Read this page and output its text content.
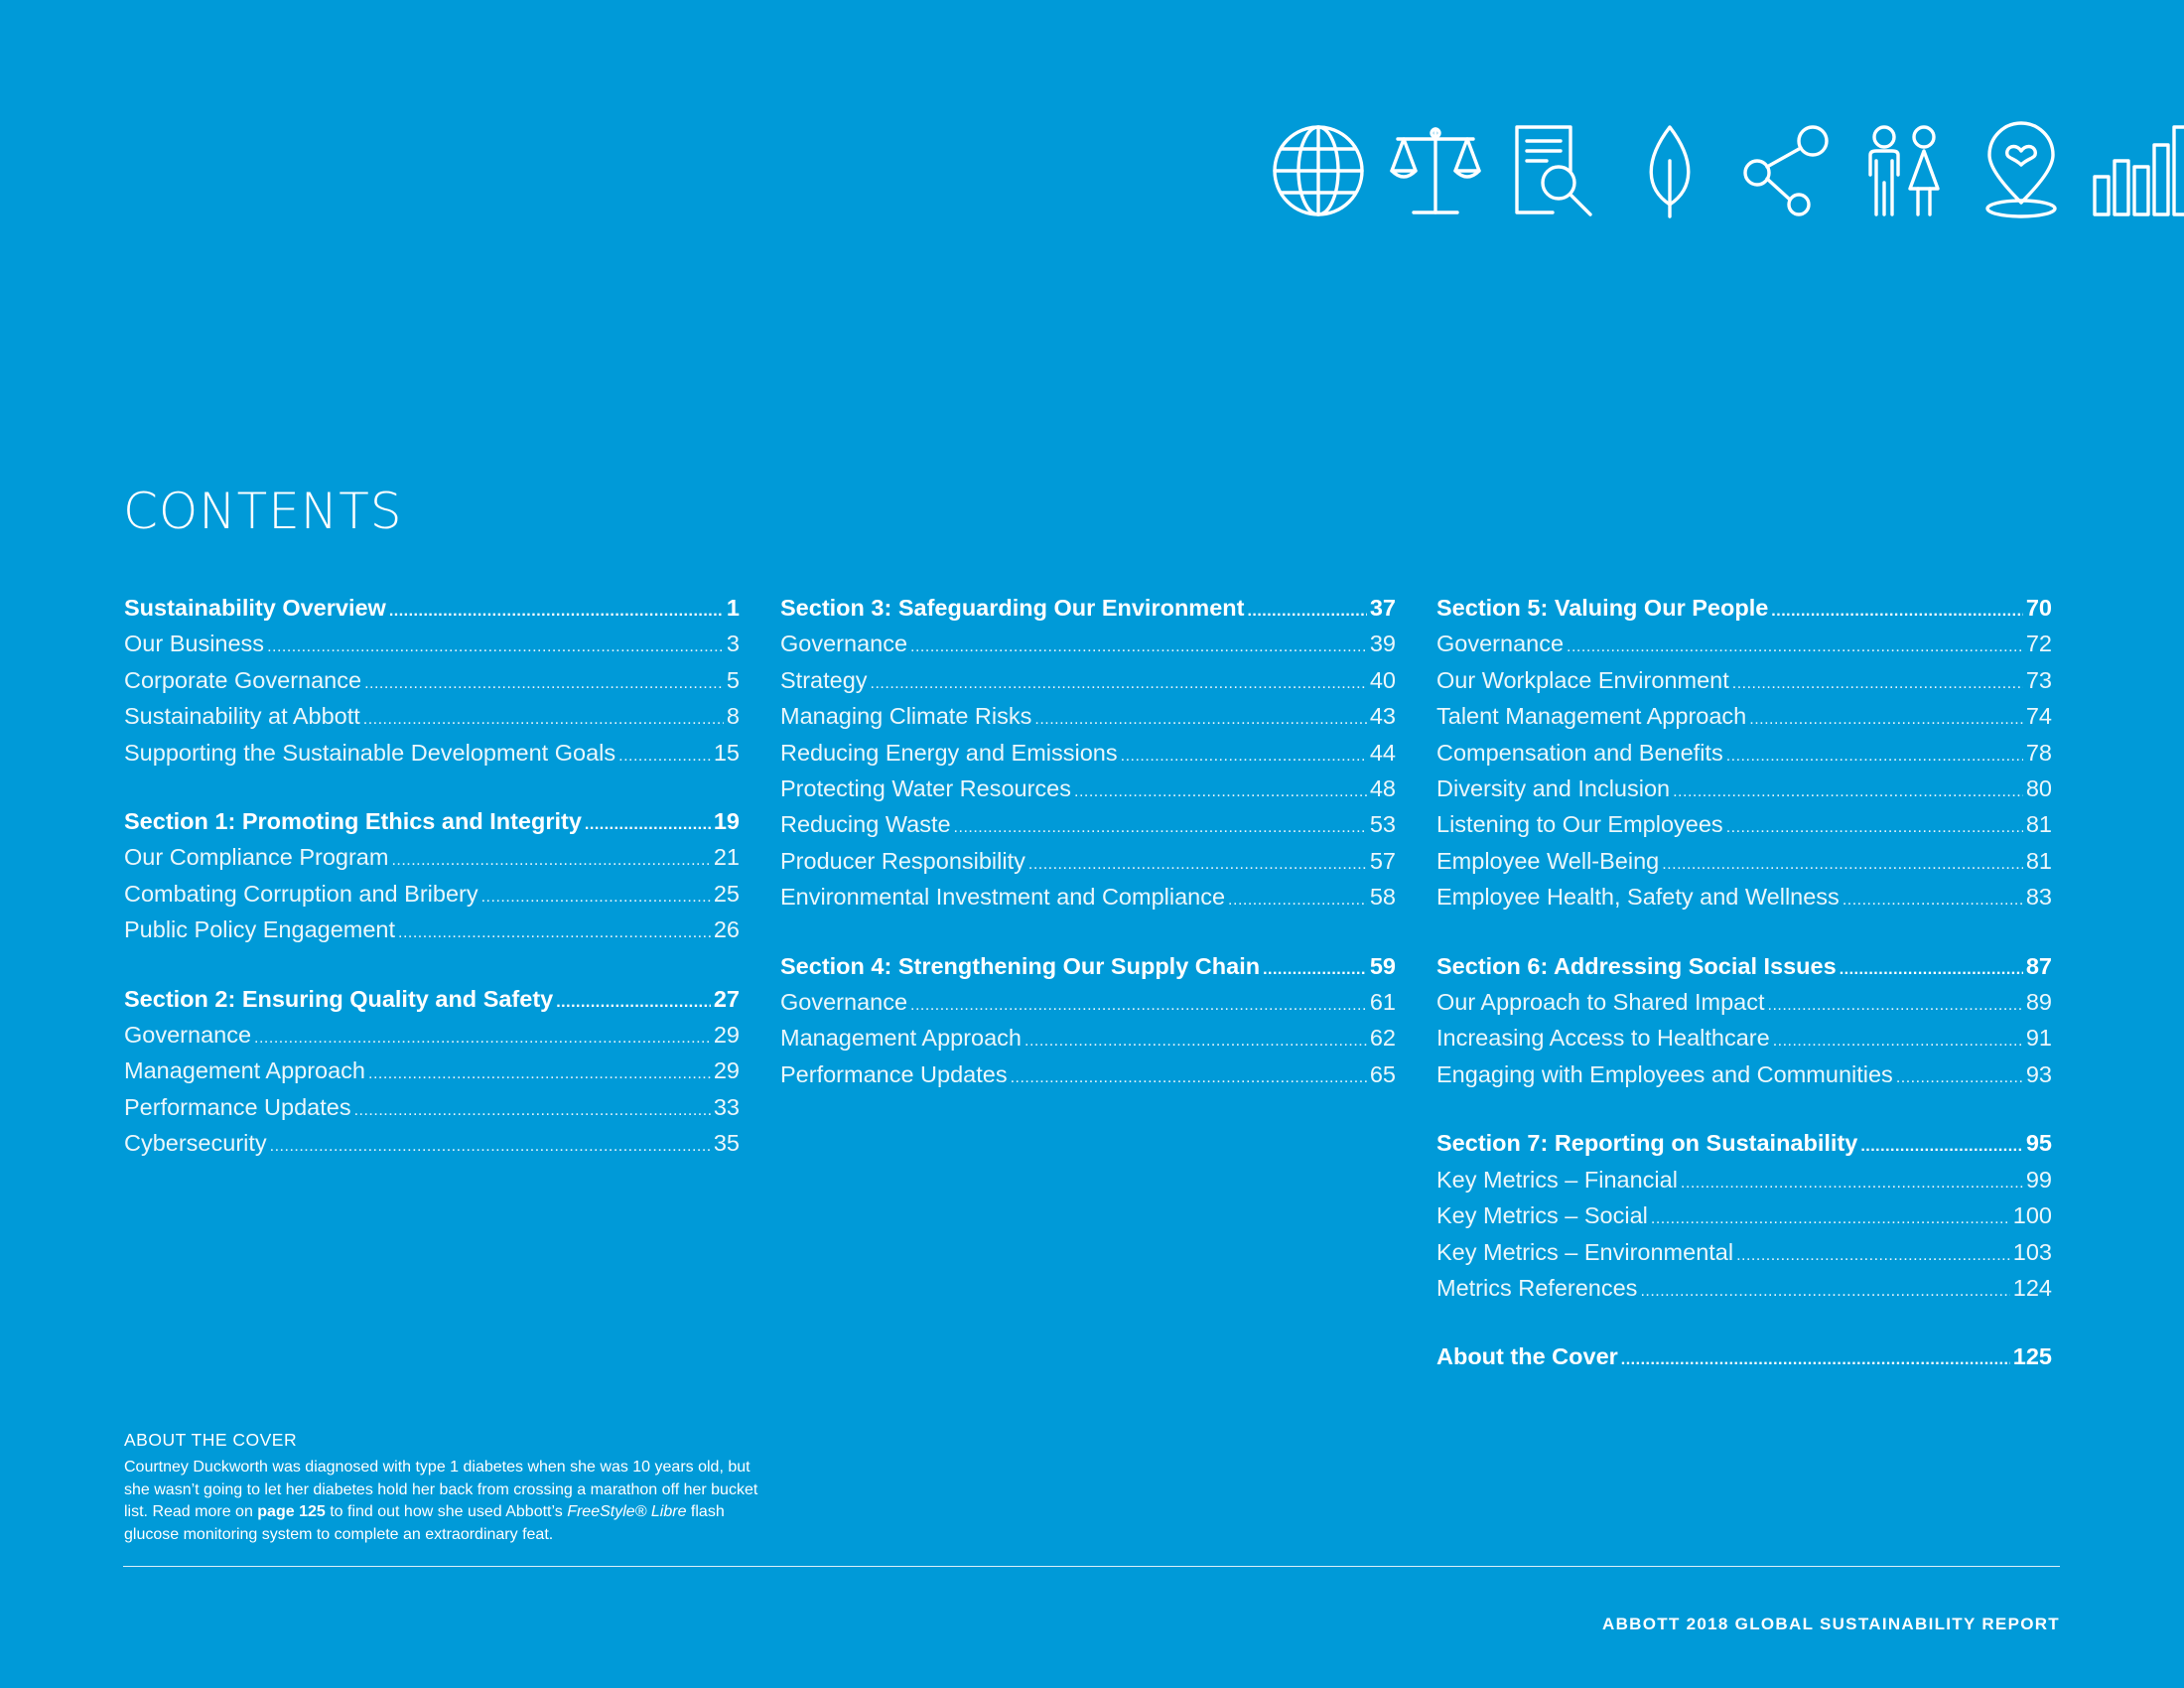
CONTENTS
Sustainability Overview .....	1
Our Business .....	3
Corporate Governance .....	5
Sustainability at Abbott .....	8
Supporting the Sustainable Development Goals .....	15
Section 1: Promoting Ethics and Integrity .....	19
Our Compliance Program .....	21
Combating Corruption and Bribery .....	25
Public Policy Engagement .....	26
Section 2: Ensuring Quality and Safety .....	27
Governance .....	29
Management Approach .....	29
Performance Updates .....	33
Cybersecurity .....	35
Section 3: Safeguarding Our Environment .....	37
Governance .....	39
Strategy .....	40
Managing Climate Risks .....	43
Reducing Energy and Emissions .....	44
Protecting Water Resources .....	48
Reducing Waste .....	53
Producer Responsibility .....	57
Environmental Investment and Compliance .....	58
Section 4: Strengthening Our Supply Chain .....	59
Governance .....	61
Management Approach .....	62
Performance Updates .....	65
Section 5: Valuing Our People .....	70
Governance .....	72
Our Workplace Environment .....	73
Talent Management Approach .....	74
Compensation and Benefits .....	78
Diversity and Inclusion .....	80
Listening to Our Employees .....	81
Employee Well-Being .....	81
Employee Health, Safety and Wellness .....	83
Section 6: Addressing Social Issues .....	87
Our Approach to Shared Impact .....	89
Increasing Access to Healthcare .....	91
Engaging with Employees and Communities .....	93
Section 7: Reporting on Sustainability .....	95
Key Metrics – Financial .....	99
Key Metrics – Social .....	100
Key Metrics – Environmental .....	103
Metrics References .....	124
About the Cover .....	125
ABOUT THE COVER
Courtney Duckworth was diagnosed with type 1 diabetes when she was 10 years old, but she wasn’t going to let her diabetes hold her back from crossing a marathon off her bucket list. Read more on page 125 to find out how she used Abbott’s FreeStyle® Libre flash glucose monitoring system to complete an extraordinary feat.
ABBOTT 2018 GLOBAL SUSTAINABILITY REPORT
